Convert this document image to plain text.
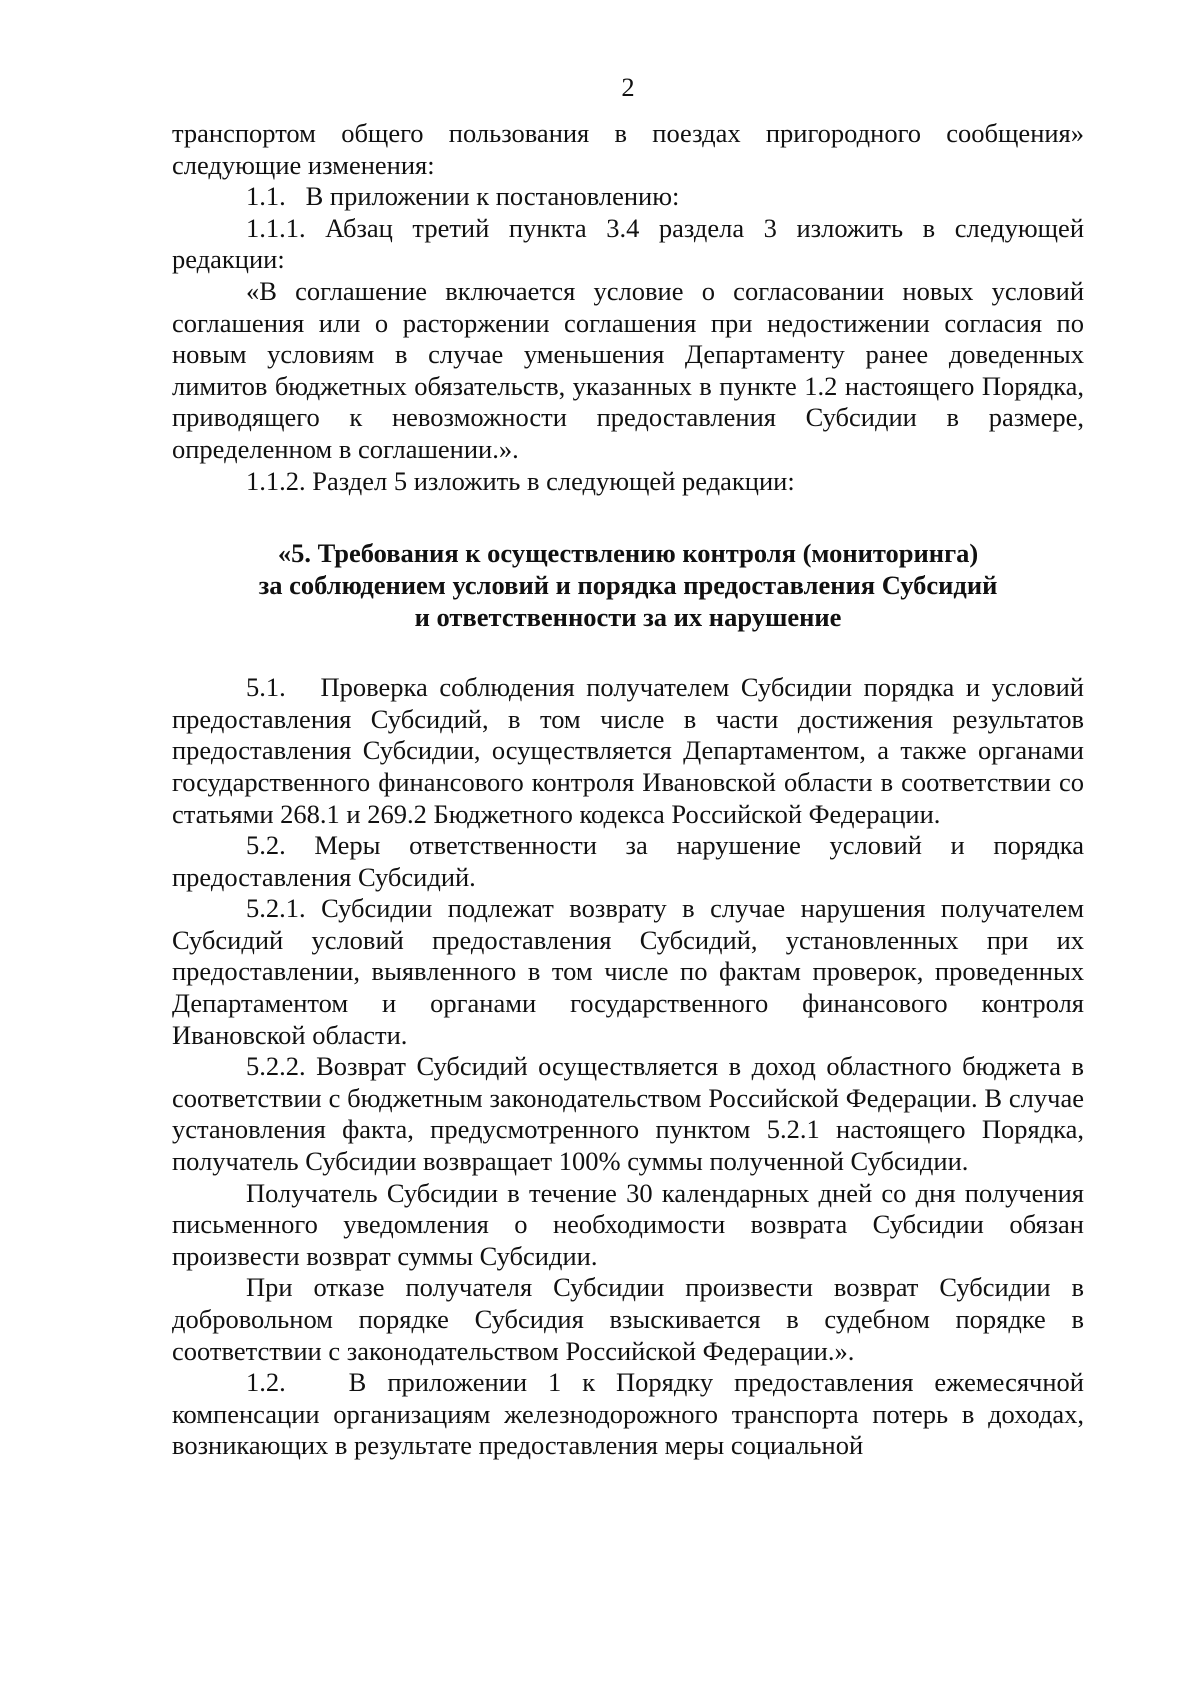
2

транспортом общего пользования в поездах пригородного сообщения» следующие изменения:

1.1.   В приложении к постановлению:

1.1.1. Абзац третий пункта 3.4 раздела 3 изложить в следующей редакции:

«В соглашение включается условие о согласовании новых условий соглашения или о расторжении соглашения при недостижении согласия по новым условиям в случае уменьшения Департаменту ранее доведенных лимитов бюджетных обязательств, указанных в пункте 1.2 настоящего Порядка, приводящего к невозможности предоставления Субсидии в размере, определенном в соглашении.».

1.1.2. Раздел 5 изложить в следующей редакции:

«5. Требования к осуществлению контроля (мониторинга)
за соблюдением условий и порядка предоставления Субсидий
и ответственности за их нарушение

5.1.   Проверка соблюдения получателем Субсидии порядка и условий предоставления Субсидий, в том числе в части достижения результатов предоставления Субсидии, осуществляется Департаментом, а также органами государственного финансового контроля Ивановской области в соответствии со статьями 268.1 и 269.2 Бюджетного кодекса Российской Федерации.

5.2. Меры ответственности за нарушение условий и порядка предоставления Субсидий.

5.2.1. Субсидии подлежат возврату в случае нарушения получателем Субсидий условий предоставления Субсидий, установленных при их предоставлении, выявленного в том числе по фактам проверок, проведенных Департаментом и органами государственного финансового контроля Ивановской области.

5.2.2. Возврат Субсидий осуществляется в доход областного бюджета в соответствии с бюджетным законодательством Российской Федерации. В случае установления факта, предусмотренного пунктом 5.2.1 настоящего Порядка, получатель Субсидии возвращает 100% суммы полученной Субсидии.

Получатель Субсидии в течение 30 календарных дней со дня получения письменного уведомления о необходимости возврата Субсидии обязан произвести возврат суммы Субсидии.

При отказе получателя Субсидии произвести возврат Субсидии в добровольном порядке Субсидия взыскивается в судебном порядке в соответствии с законодательством Российской Федерации.».

1.2.   В приложении 1 к Порядку предоставления ежемесячной компенсации организациям железнодорожного транспорта потерь в доходах, возникающих в результате предоставления меры социальной
